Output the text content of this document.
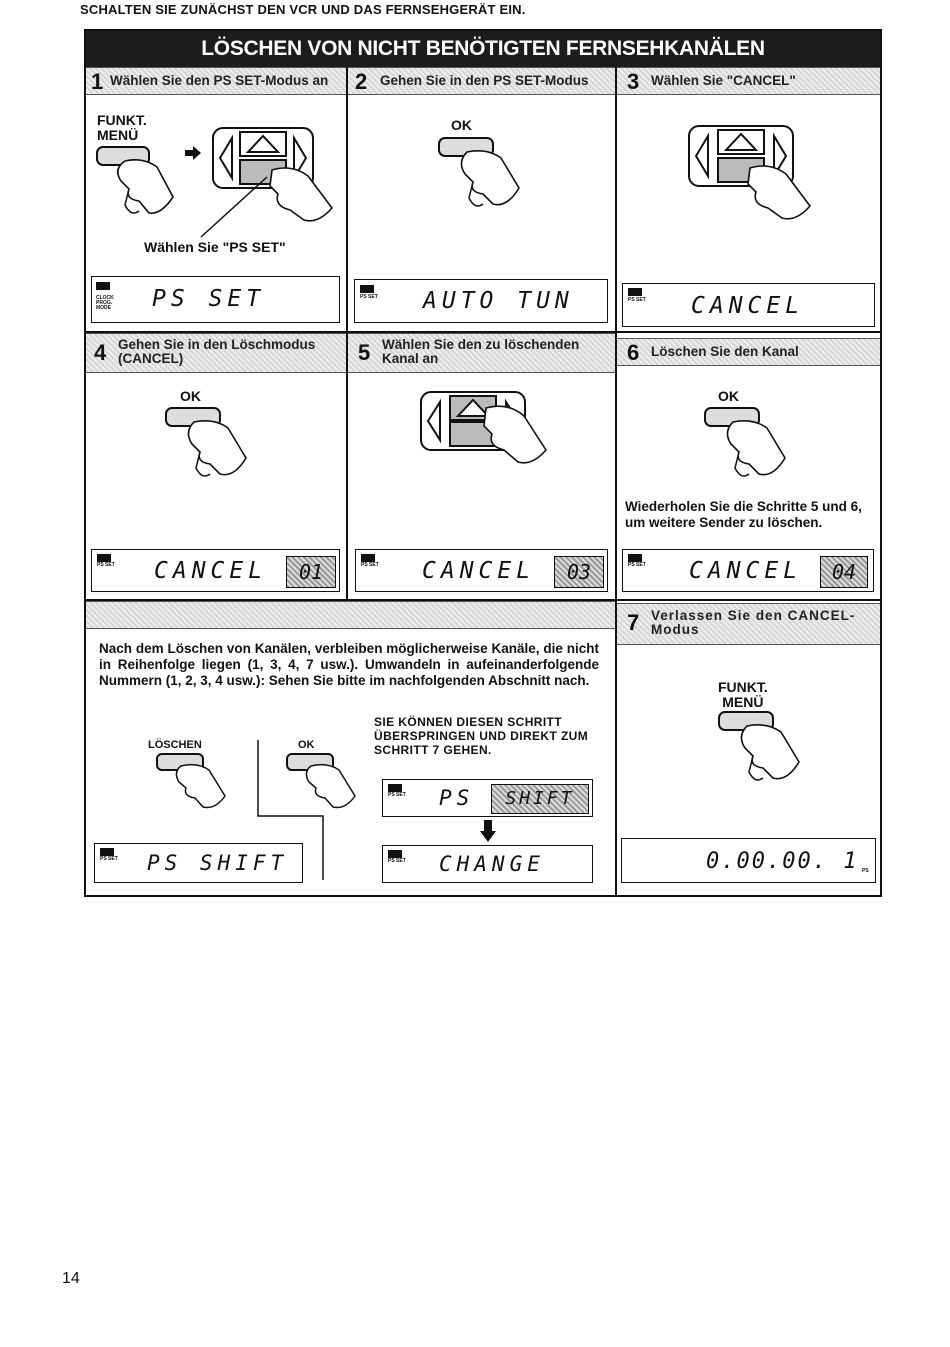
SCHALTEN SIE ZUNÄCHST DEN VCR UND DAS FERNSEHGERÄT EIN.
LÖSCHEN VON NICHT BENÖTIGTEN FERNSEHKANÄLEN
1 Wählen Sie den PS SET-Modus an 2 Gehen Sie in den PS SET-Modus 3 Wählen Sie "CANCEL"
4 Gehen Sie in den Löschmodus (CANCEL)	5 Wählen Sie den zu löschenden Kanal an	6 Löschen Sie den Kanal
7 Verlassen Sie den CANCEL-Modus
FUNKT.
MENÜ
Wählen Sie "PS SET"
CLOCK
PROG.
MODE PS SET
OK
PS SET AUTO TUN	PS SET CANCEL
OK
PS SET CANCEL	01	PS SET CANCEL	03
OK
Wiederholen Sie die Schritte 5 und 6, um weitere Sender zu löschen.
PS SET CANCEL	04
Nach dem Löschen von Kanälen, verbleiben möglicherweise Kanäle, die nicht in Reihenfolge liegen (1, 3, 4, 7 usw.). Umwandeln in aufeinanderfolgende Nummern (1, 2, 3, 4 usw.): Sehen Sie bitte im nachfolgenden Abschnitt nach.
LÖSCHEN	OK
PS SET PS SHIFT
SIE KÖNNEN DIESEN SCHRITT ÜBERSPRINGEN UND DIREKT ZUM SCHRITT 7 GEHEN.
PS SET PS	SHIFT
PS SET CHANGE
FUNKT.
MENÜ
0.00.00. 1 PS
14
